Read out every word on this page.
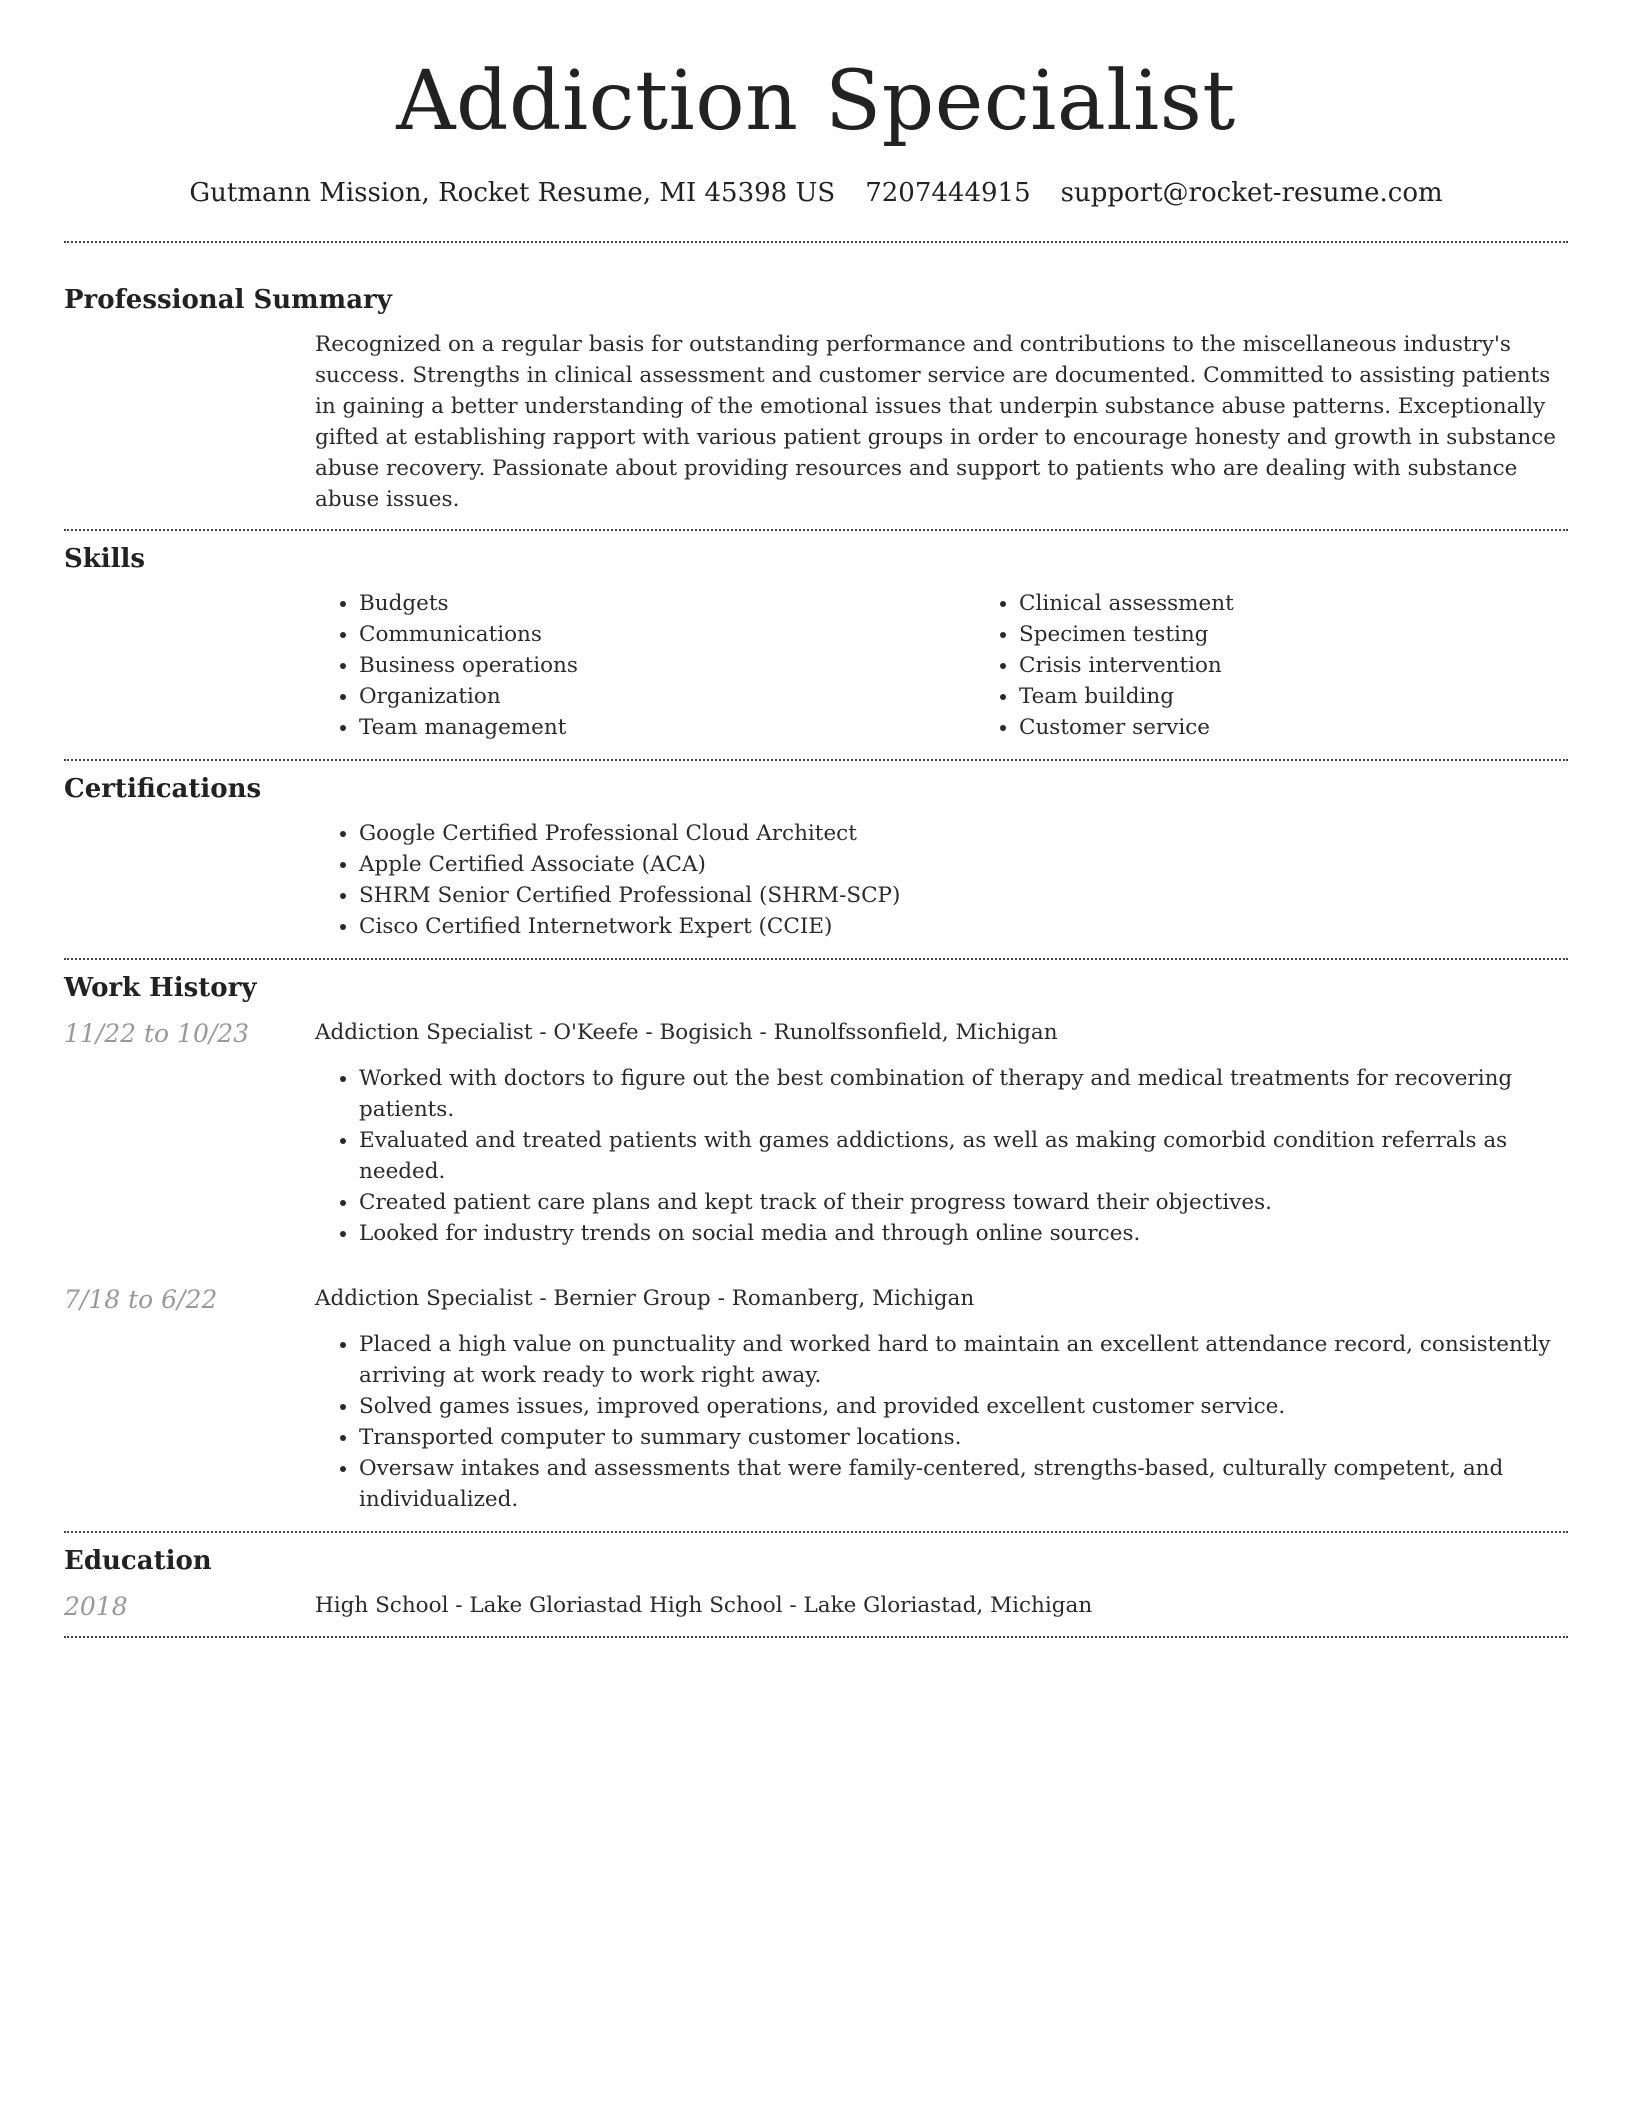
Addiction Specialist
Gutmann Mission, Rocket Resume, MI 45398 US 7207444915 support@rocket-resume.com
Professional Summary
Recognized on a regular basis for outstanding performance and contributions to the miscellaneous industry's success. Strengths in clinical assessment and customer service are documented. Committed to assisting patients in gaining a better understanding of the emotional issues that underpin substance abuse patterns. Exceptionally gifted at establishing rapport with various patient groups in order to encourage honesty and growth in substance abuse recovery. Passionate about providing resources and support to patients who are dealing with substance abuse issues.
Skills
• Budgets
• Communications
• Business operations
• Organization
• Team management
• Clinical assessment
• Specimen testing
• Crisis intervention
• Team building
• Customer service
Certifications
• Google Certified Professional Cloud Architect
• Apple Certified Associate (ACA)
• SHRM Senior Certified Professional (SHRM-SCP)
• Cisco Certified Internetwork Expert (CCIE)
Work History
11/22 to 10/23	Addiction Specialist - O'Keefe - Bogisich - Runolfssonfield, Michigan
• Worked with doctors to figure out the best combination of therapy and medical treatments for recovering patients.
• Evaluated and treated patients with games addictions, as well as making comorbid condition referrals as needed.
• Created patient care plans and kept track of their progress toward their objectives.
• Looked for industry trends on social media and through online sources.
7/18 to 6/22	Addiction Specialist - Bernier Group - Romanberg, Michigan
• Placed a high value on punctuality and worked hard to maintain an excellent attendance record, consistently arriving at work ready to work right away.
• Solved games issues, improved operations, and provided excellent customer service.
• Transported computer to summary customer locations.
• Oversaw intakes and assessments that were family-centered, strengths-based, culturally competent, and individualized.
Education
2018	High School - Lake Gloriastad High School - Lake Gloriastad, Michigan
